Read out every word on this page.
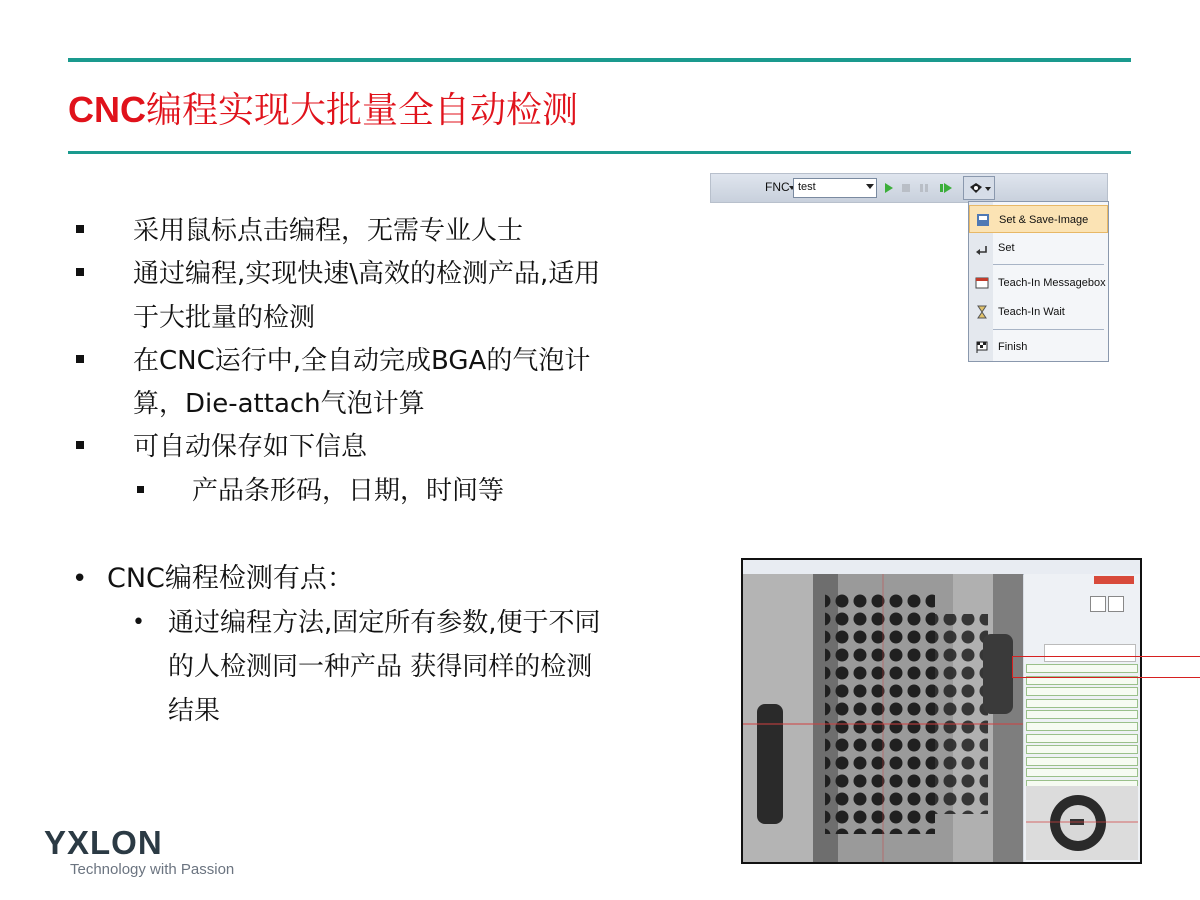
CNC编程实现大批量全自动检测
采用鼠标点击编程，无需专业人士
通过编程,实现快速\高效的检测产品,适用
于大批量的检测
在CNC运行中,全自动完成BGA的气泡计
算，Die-attach气泡计算
可自动保存如下信息
产品条形码，日期，时间等
• CNC编程检测有点：
• 通过编程方法,固定所有参数,便于不同
的人检测同一种产品 获得同样的检测
结果
FNC test
Set & Save-Image
Set
Teach-In Messagebox
Teach-In Wait
Finish
YXLON
Technology with Passion
